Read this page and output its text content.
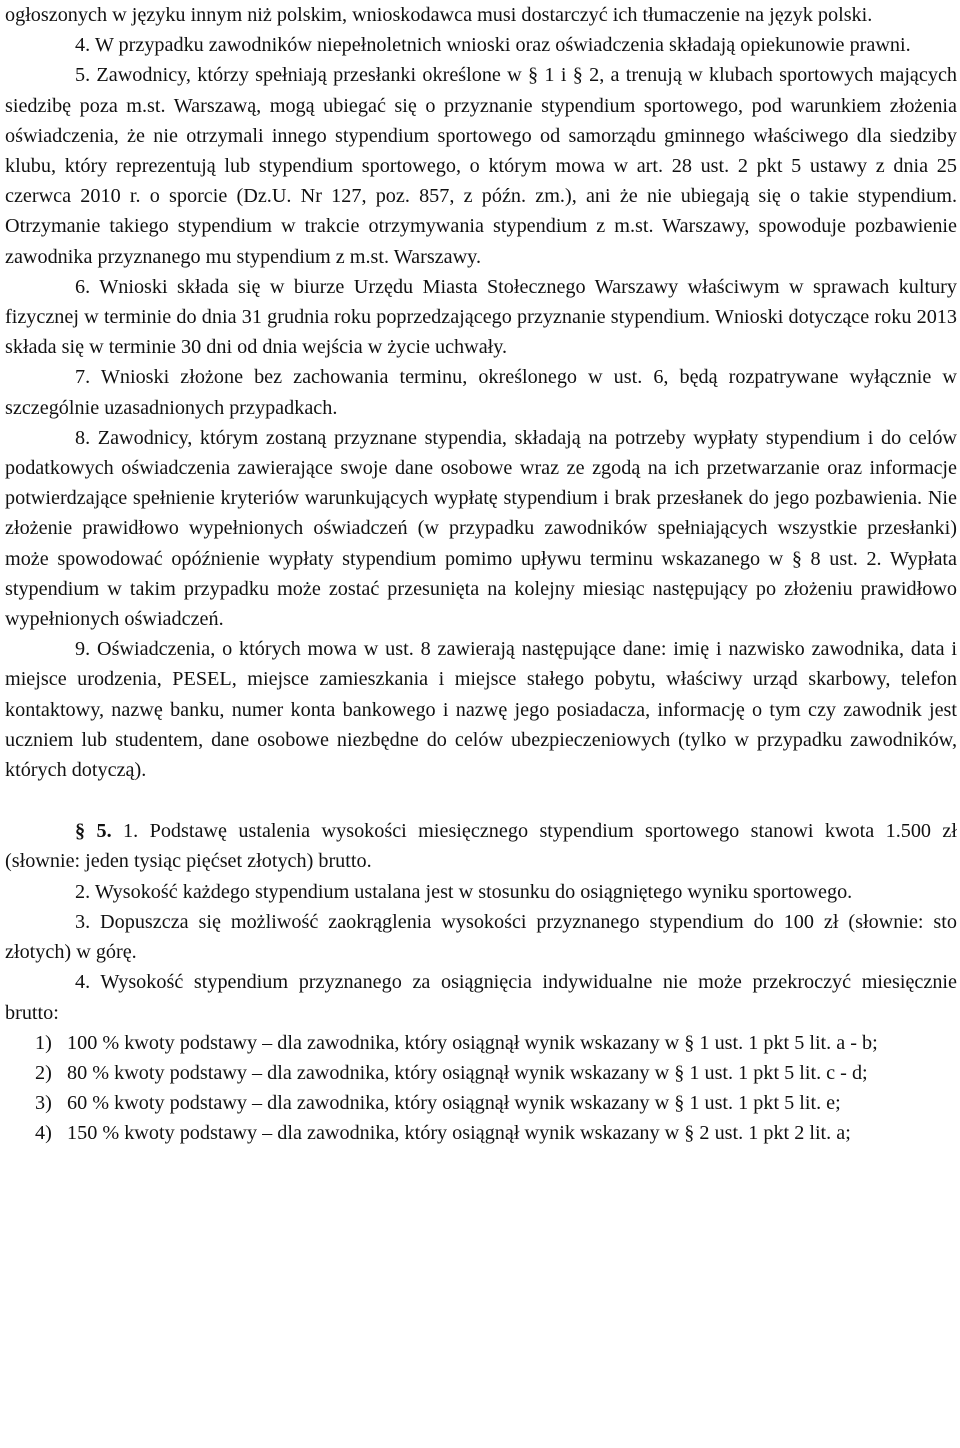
ogłoszonych w języku innym niż polskim, wnioskodawca musi dostarczyć ich tłumaczenie na język polski.

4. W przypadku zawodników niepełnoletnich wnioski oraz oświadczenia składają opiekunowie prawni.

5. Zawodnicy, którzy spełniają przesłanki określone w § 1 i § 2, a trenują w klubach sportowych mających siedzibę poza m.st. Warszawą, mogą ubiegać się o przyznanie stypendium sportowego, pod warunkiem złożenia oświadczenia, że nie otrzymali innego stypendium sportowego od samorządu gminnego właściwego dla siedziby klubu, który reprezentują lub stypendium sportowego, o którym mowa w art. 28 ust. 2 pkt 5 ustawy z dnia 25 czerwca 2010 r. o sporcie (Dz.U. Nr 127, poz. 857, z późn. zm.), ani że nie ubiegają się o takie stypendium. Otrzymanie takiego stypendium w trakcie otrzymywania stypendium z m.st. Warszawy, spowoduje pozbawienie zawodnika przyznanego mu stypendium z m.st. Warszawy.

6. Wnioski składa się w biurze Urzędu Miasta Stołecznego Warszawy właściwym w sprawach kultury fizycznej w terminie do dnia 31 grudnia roku poprzedzającego przyznanie stypendium. Wnioski dotyczące roku 2013 składa się w terminie 30 dni od dnia wejścia w życie uchwały.

7. Wnioski złożone bez zachowania terminu, określonego w ust. 6, będą rozpatrywane wyłącznie w szczególnie uzasadnionych przypadkach.

8. Zawodnicy, którym zostaną przyznane stypendia, składają na potrzeby wypłaty stypendium i do celów podatkowych oświadczenia zawierające swoje dane osobowe wraz ze zgodą na ich przetwarzanie oraz informacje potwierdzające spełnienie kryteriów warunkujących wypłatę stypendium i brak przesłanek do jego pozbawienia. Nie złożenie prawidłowo wypełnionych oświadczeń (w przypadku zawodników spełniających wszystkie przesłanki) może spowodować opóźnienie wypłaty stypendium pomimo upływu terminu wskazanego w § 8 ust. 2. Wypłata stypendium w takim przypadku może zostać przesunięta na kolejny miesiąc następujący po złożeniu prawidłowo wypełnionych oświadczeń.

9. Oświadczenia, o których mowa w ust. 8 zawierają następujące dane: imię i nazwisko zawodnika, data i miejsce urodzenia, PESEL, miejsce zamieszkania i miejsce stałego pobytu, właściwy urząd skarbowy, telefon kontaktowy, nazwę banku, numer konta bankowego i nazwę jego posiadacza, informację o tym czy zawodnik jest uczniem lub studentem, dane osobowe niezbędne do celów ubezpieczeniowych (tylko w przypadku zawodników, których dotyczą).

§ 5. 1. Podstawę ustalenia wysokości miesięcznego stypendium sportowego stanowi kwota 1.500 zł (słownie: jeden tysiąc pięćset złotych) brutto.

2. Wysokość każdego stypendium ustalana jest w stosunku do osiągniętego wyniku sportowego.

3. Dopuszcza się możliwość zaokrąglenia wysokości przyznanego stypendium do 100 zł (słownie: sto złotych) w górę.

4. Wysokość stypendium przyznanego za osiągnięcia indywidualne nie może przekroczyć miesięcznie brutto:

1) 100 % kwoty podstawy – dla zawodnika, który osiągnął wynik wskazany w § 1 ust. 1 pkt 5 lit. a - b;
2) 80 % kwoty podstawy – dla zawodnika, który osiągnął wynik wskazany w § 1 ust. 1 pkt 5 lit. c - d;
3) 60 % kwoty podstawy – dla zawodnika, który osiągnął wynik wskazany w § 1 ust. 1 pkt 5 lit. e;
4) 150 % kwoty podstawy – dla zawodnika, który osiągnął wynik wskazany w § 2 ust. 1 pkt 2 lit. a;
